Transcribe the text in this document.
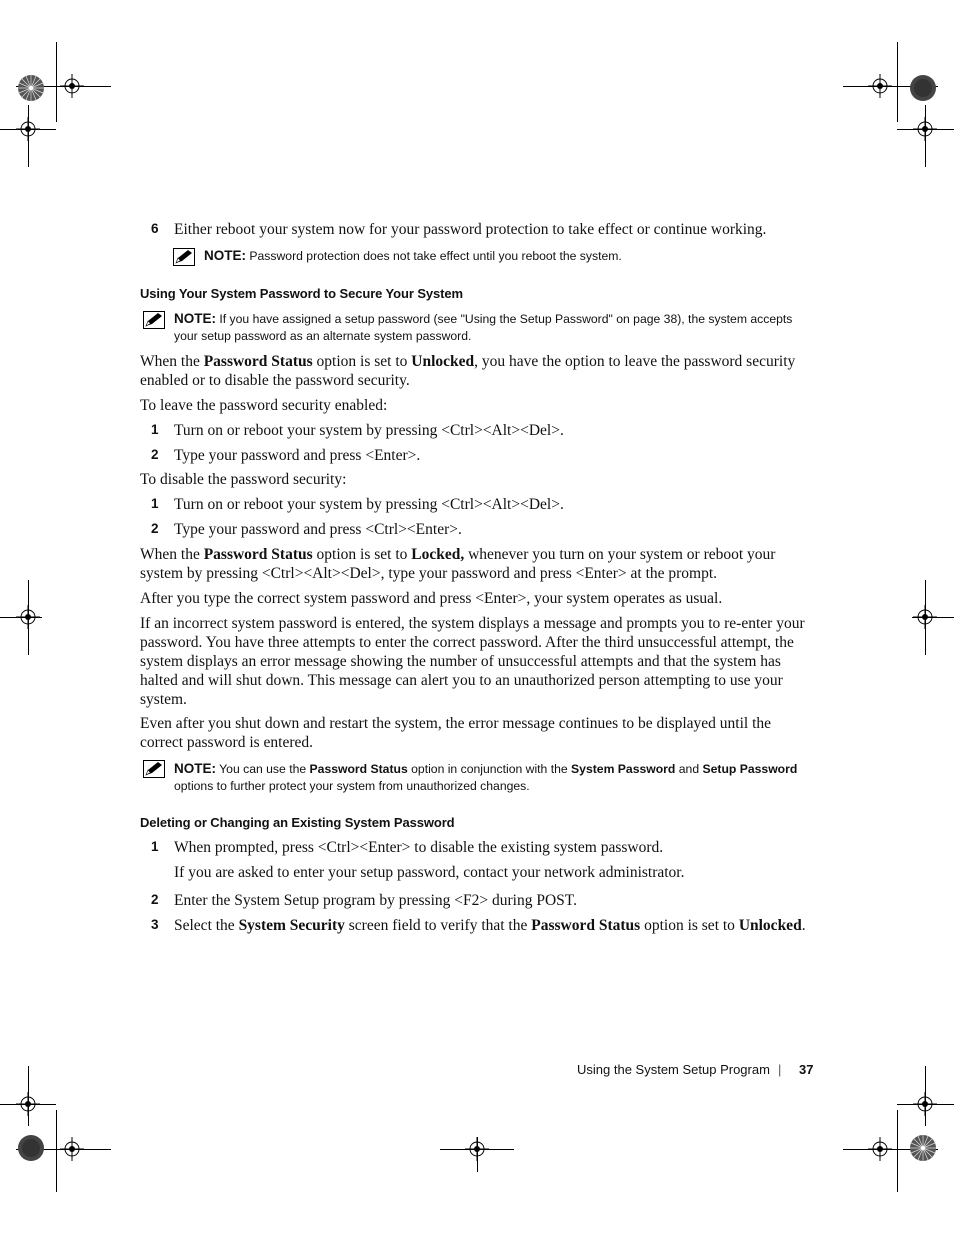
6 Either reboot your system now for your password protection to take effect or continue working.
NOTE: Password protection does not take effect until you reboot the system.
Using Your System Password to Secure Your System
NOTE: If you have assigned a setup password (see "Using the Setup Password" on page 38), the system accepts
your setup password as an alternate system password.
When the Password Status option is set to Unlocked, you have the option to leave the password security enabled or to disable the password security.
To leave the password security enabled:
1 Turn on or reboot your system by pressing <Ctrl><Alt><Del>.
2 Type your password and press <Enter>.
To disable the password security:
1 Turn on or reboot your system by pressing <Ctrl><Alt><Del>.
2 Type your password and press <Ctrl><Enter>.
When the Password Status option is set to Locked, whenever you turn on your system or reboot your system by pressing <Ctrl><Alt><Del>, type your password and press <Enter> at the prompt.
After you type the correct system password and press <Enter>, your system operates as usual.
If an incorrect system password is entered, the system displays a message and prompts you to re-enter your password. You have three attempts to enter the correct password. After the third unsuccessful attempt, the system displays an error message showing the number of unsuccessful attempts and that the system has halted and will shut down. This message can alert you to an unauthorized person attempting to use your system.
Even after you shut down and restart the system, the error message continues to be displayed until the correct password is entered.
NOTE: You can use the Password Status option in conjunction with the System Password and Setup Password
options to further protect your system from unauthorized changes.
Deleting or Changing an Existing System Password
1 When prompted, press <Ctrl><Enter> to disable the existing system password.
If you are asked to enter your setup password, contact your network administrator.
2 Enter the System Setup program by pressing <F2> during POST.
3 Select the System Security screen field to verify that the Password Status option is set to Unlocked.
Using the System Setup Program | 37
